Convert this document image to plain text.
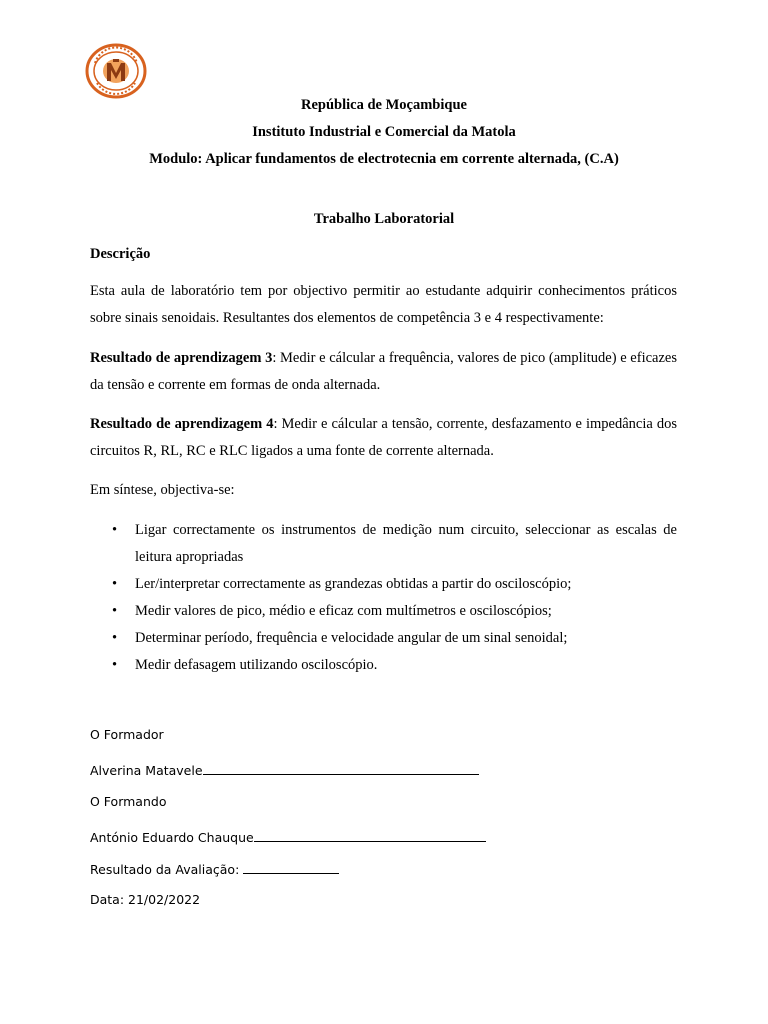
República de Moçambique
Instituto Industrial e Comercial da Matola
Modulo: Aplicar fundamentos de electrotecnia em corrente alternada, (C.A)
Trabalho Laboratorial
Descrição
Esta aula de laboratório tem por objectivo permitir ao estudante adquirir conhecimentos práticos sobre sinais senoidais. Resultantes dos elementos de competência 3 e 4 respectivamente:
Resultado de aprendizagem 3: Medir e cálcular a frequência, valores de pico (amplitude) e eficazes da tensão e corrente em formas de onda alternada.
Resultado de aprendizagem 4: Medir e cálcular a tensão, corrente, desfazamento e impedância dos circuitos R, RL, RC e RLC ligados a uma fonte de corrente alternada.
Em síntese, objectiva-se:
• Ligar correctamente os instrumentos de medição num circuito, seleccionar as escalas de leitura apropriadas
• Ler/interpretar correctamente as grandezas obtidas a partir do osciloscópio;
• Medir valores de pico, médio e eficaz com multímetros e osciloscópios;
• Determinar período, frequência e velocidade angular de um sinal senoidal;
• Medir defasagem utilizando osciloscópio.
O Formador
Alverina Matavele
O Formando
António Eduardo Chauque
Resultado da Avaliação:
Data: 21/02/2022
